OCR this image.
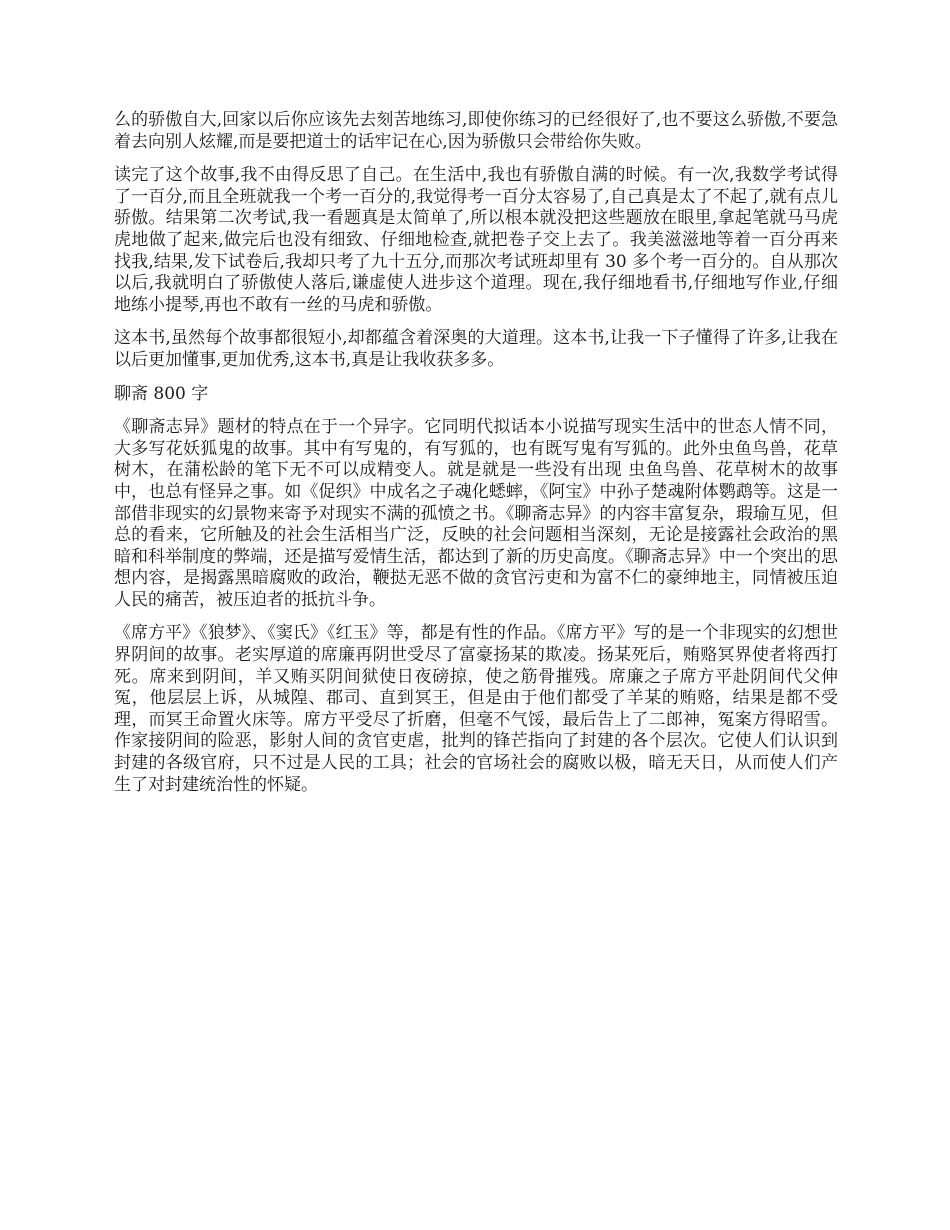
么的骄傲自大,回家以后你应该先去刻苦地练习,即使你练习的已经很好了,也不要这么骄傲,不要急着去向别人炫耀,而是要把道士的话牢记在心,因为骄傲只会带给你失败。

读完了这个故事,我不由得反思了自己。在生活中,我也有骄傲自满的时候。有一次,我数学考试得了一百分,而且全班就我一个考一百分的,我觉得考一百分太容易了,自己真是太了不起了,就有点儿骄傲。结果第二次考试,我一看题真是太简单了,所以根本就没把这些题放在眼里,拿起笔就马马虎虎地做了起来,做完后也没有细致、仔细地检查,就把卷子交上去了。我美滋滋地等着一百分再来找我,结果,发下试卷后,我却只考了九十五分,而那次考试班却里有 30 多个考一百分的。自从那次以后,我就明白了骄傲使人落后,谦虚使人进步这个道理。现在,我仔细地看书,仔细地写作业,仔细地练小提琴,再也不敢有一丝的马虎和骄傲。

这本书,虽然每个故事都很短小,却都蕴含着深奥的大道理。这本书,让我一下子懂得了许多,让我在以后更加懂事,更加优秀,这本书,真是让我收获多多。

聊斋 800 字

《聊斋志异》题材的特点在于一个异字。它同明代拟话本小说描写现实生活中的世态人情不同，大多写花妖狐鬼的故事。其中有写鬼的，有写狐的，也有既写鬼有写狐的。此外虫鱼鸟兽，花草树木，在蒲松龄的笔下无不可以成精变人。就是就是一些没有出现 虫鱼鸟兽、花草树木的故事中，也总有怪异之事。如《促织》中成名之子魂化蟋蟀，《阿宝》中孙子楚魂附体鹦鹉等。这是一部借非现实的幻景物来寄予对现实不满的孤愤之书。《聊斋志异》的内容丰富复杂，瑕瑜互见，但总的看来，它所触及的社会生活相当广泛，反映的社会问题相当深刻，无论是接露社会政治的黑暗和科举制度的弊端，还是描写爱情生活，都达到了新的历史高度。《聊斋志异》中一个突出的思想内容，是揭露黑暗腐败的政治，鞭挞无恶不做的贪官污吏和为富不仁的豪绅地主，同情被压迫人民的痛苦，被压迫者的抵抗斗争。

《席方平》《狼梦》、《窦氏》《红玉》等，都是有性的作品。《席方平》写的是一个非现实的幻想世界阴间的故事。老实厚道的席廉再阴世受尽了富豪扬某的欺凌。扬某死后，贿赂冥界使者将西打死。席来到阴间，羊又贿买阴间狱使日夜磅掠，使之筋骨摧残。席廉之子席方平赴阴间代父伸冤，他层层上诉，从城隍、郡司、直到冥王，但是由于他们都受了羊某的贿赂，结果是都不受理，而冥王命置火床等。席方平受尽了折磨，但毫不气馁，最后告上了二郎神，冤案方得昭雪。作家接阴间的险恶，影射人间的贪官吏虐，批判的锋芒指向了封建的各个层次。它使人们认识到封建的各级官府，只不过是人民的工具；社会的官场社会的腐败以极，暗无天日，从而使人们产生了对封建统治性的怀疑。
